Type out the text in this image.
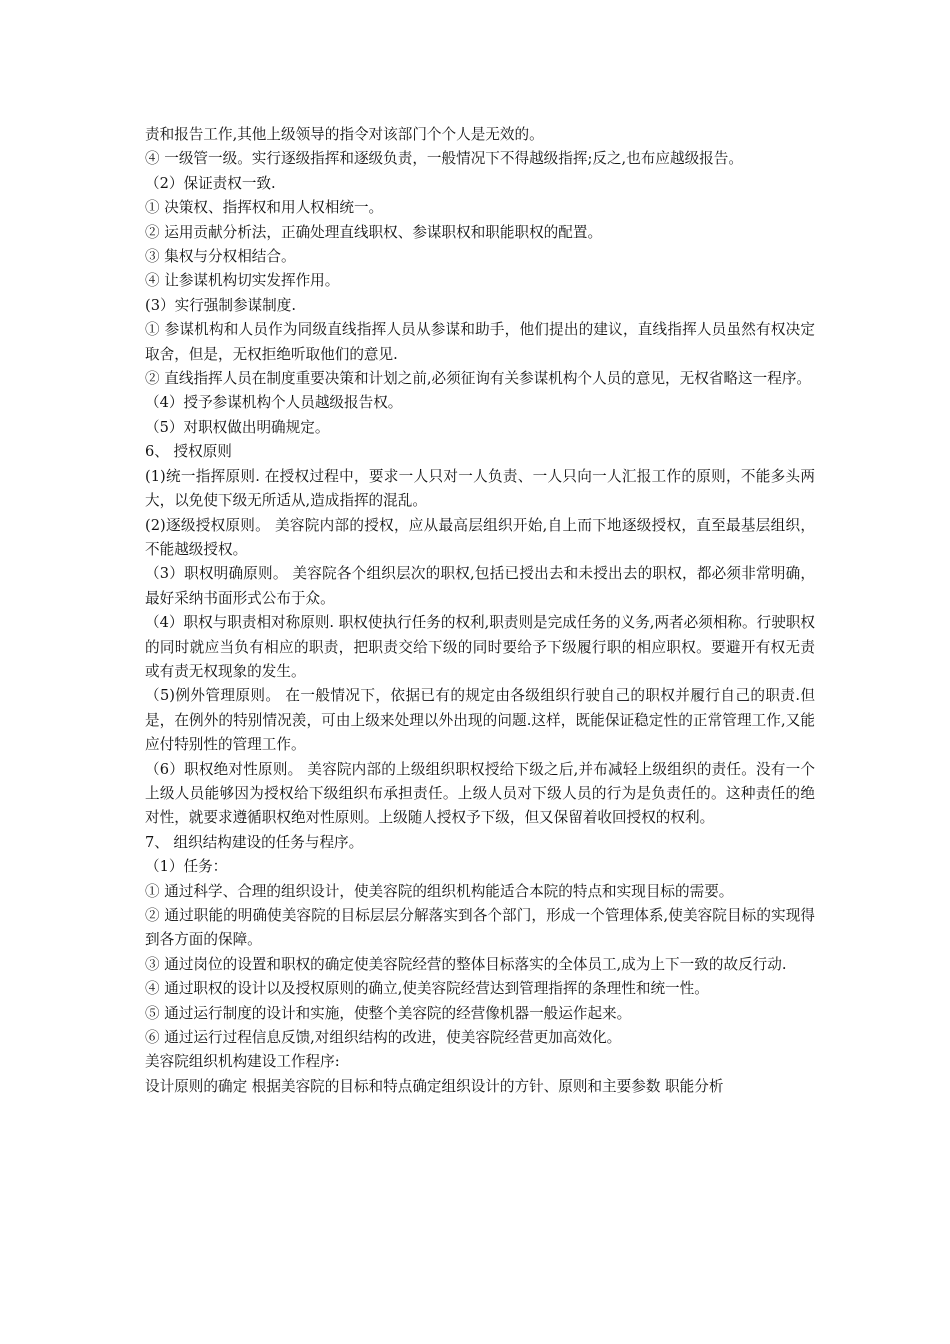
责和报告工作,其他上级领导的指令对该部门个个人是无效的。

④ 一级管一级。实行逐级指挥和逐级负责，一般情况下不得越级指挥;反之,也布应越级报告。

（2）保证责权一致.

① 决策权、指挥权和用人权相统一。

② 运用贡献分析法，正确处理直线职权、参谋职权和职能职权的配置。

③ 集权与分权相结合。

④ 让参谋机构切实发挥作用。

(3）实行强制参谋制度.

① 参谋机构和人员作为同级直线指挥人员从参谋和助手，他们提出的建议，直线指挥人员虽然有权决定取舍，但是，无权拒绝听取他们的意见.

② 直线指挥人员在制度重要决策和计划之前,必须征询有关参谋机构个人员的意见，无权省略这一程序。

（4）授予参谋机构个人员越级报告权。

（5）对职权做出明确规定。

6、 授权原则

(1)统一指挥原则. 在授权过程中，要求一人只对一人负责、一人只向一人汇报工作的原则，不能多头两大，以免使下级无所适从,造成指挥的混乱。

(2)逐级授权原则。 美容院内部的授权，应从最高层组织开始,自上而下地逐级授权，直至最基层组织，不能越级授权。

（3）职权明确原则。 美容院各个组织层次的职权,包括已授出去和未授出去的职权，都必须非常明确，最好采纳书面形式公布于众。

（4）职权与职责相对称原则. 职权使执行任务的权利,职责则是完成任务的义务,两者必须相称。行驶职权的同时就应当负有相应的职责，把职责交给下级的同时要给予下级履行职的相应职权。要避开有权无责或有责无权现象的发生。

（5)例外管理原则。 在一般情况下，依据已有的规定由各级组织行驶自己的职权并履行自己的职责.但是，在例外的特别情况羡，可由上级来处理以外出现的问题.这样，既能保证稳定性的正常管理工作,又能应付特别性的管理工作。

（6）职权绝对性原则。 美容院内部的上级组织职权授给下级之后,并布减轻上级组织的责任。没有一个上级人员能够因为授权给下级组织布承担责任。上级人员对下级人员的行为是负责任的。这种责任的绝对性，就要求遵循职权绝对性原则。上级随人授权予下级，但又保留着收回授权的权利。

7、 组织结构建设的任务与程序。

（1）任务：

① 通过科学、合理的组织设计，使美容院的组织机构能适合本院的特点和实现目标的需要。

② 通过职能的明确使美容院的目标层层分解落实到各个部门，形成一个管理体系,使美容院目标的实现得到各方面的保障。

③ 通过岗位的设置和职权的确定使美容院经营的整体目标落实的全体员工,成为上下一致的故反行动.

④ 通过职权的设计以及授权原则的确立,使美容院经营达到管理指挥的条理性和统一性。

⑤ 通过运行制度的设计和实施，使整个美容院的经营像机器一般运作起来。

⑥ 通过运行过程信息反馈,对组织结构的改进，使美容院经营更加高效化。

美容院组织机构建设工作程序:

设计原则的确定 根据美容院的目标和特点确定组织设计的方针、原则和主要参数 职能分析
